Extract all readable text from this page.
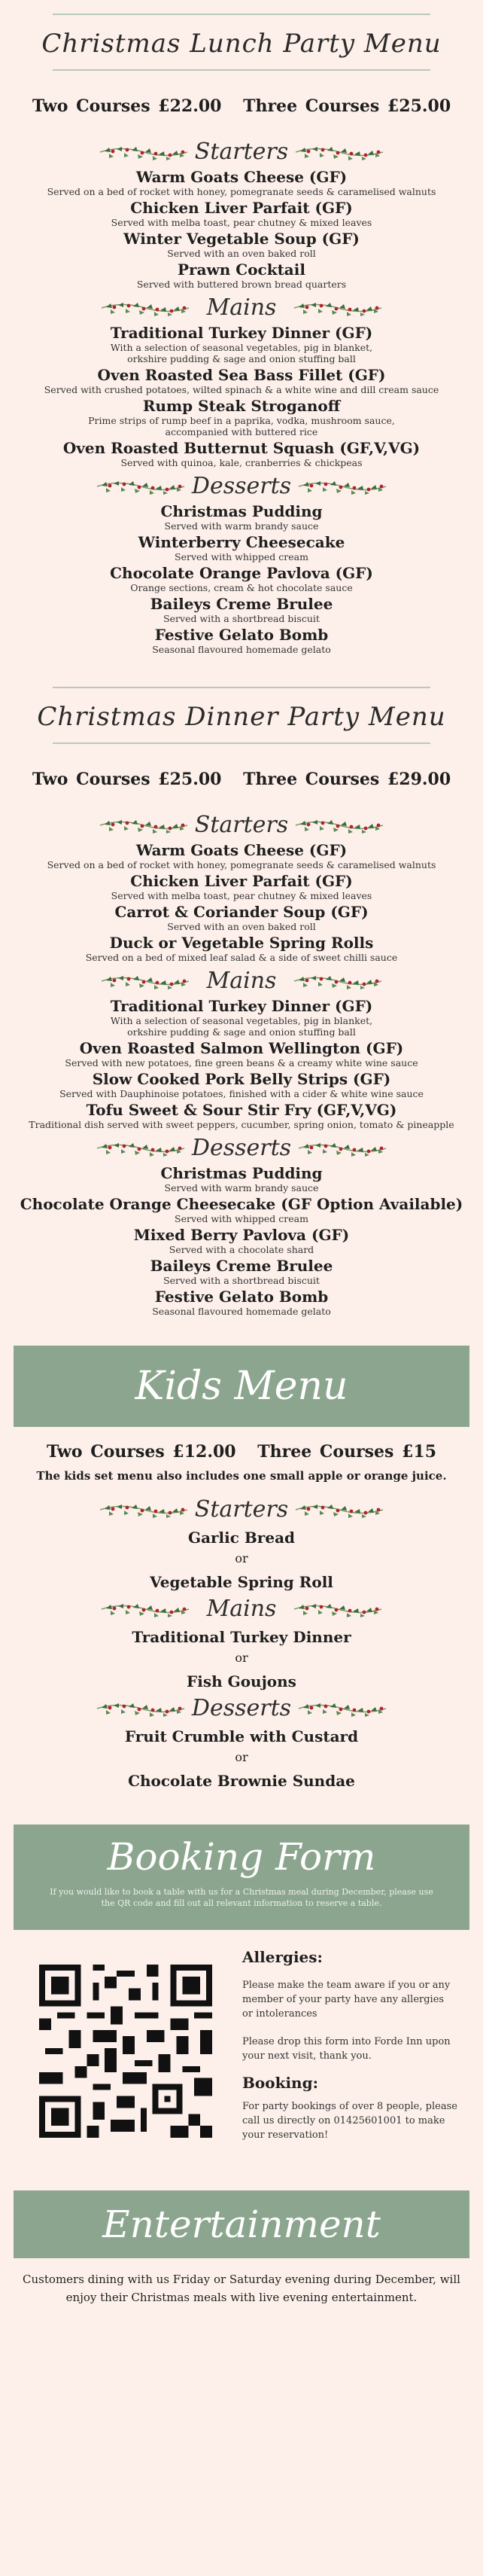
Christmas Lunch Party Menu
Two Courses £22.00 Three Courses £25.00
Starters
Warm Goats Cheese (GF)
Served on a bed of rocket with honey, pomegranate seeds & caramelised walnuts
Chicken Liver Parfait (GF)
Served with melba toast, pear chutney & mixed leaves
Winter Vegetable Soup (GF)
Served with an oven baked roll
Prawn Cocktail
Served with buttered brown bread quarters
Mains
Traditional Turkey Dinner (GF)
With a selection of seasonal vegetables, pig in blanket,
orkshire pudding & sage and onion stuffing ball
Oven Roasted Sea Bass Fillet (GF)
Served with crushed potatoes, wilted spinach & a white wine and dill cream sauce
Rump Steak Stroganoff
Prime strips of rump beef in a paprika, vodka, mushroom sauce,
accompanied with buttered rice
Oven Roasted Butternut Squash (GF,V,VG)
Served with quinoa, kale, cranberries & chickpeas
Desserts
Christmas Pudding
Served with warm brandy sauce
Winterberry Cheesecake
Served with whipped cream
Chocolate Orange Pavlova (GF)
Orange sections, cream & hot chocolate sauce
Baileys Creme Brulee
Served with a shortbread biscuit
Festive Gelato Bomb
Seasonal flavoured homemade gelato
Christmas Dinner Party Menu
Two Courses £25.00 Three Courses £29.00
Starters
Warm Goats Cheese (GF)
Served on a bed of rocket with honey, pomegranate seeds & caramelised walnuts
Chicken Liver Parfait (GF)
Served with melba toast, pear chutney & mixed leaves
Carrot & Coriander Soup (GF)
Served with an oven baked roll
Duck or Vegetable Spring Rolls
Served on a bed of mixed leaf salad & a side of sweet chilli sauce
Mains
Traditional Turkey Dinner (GF)
With a selection of seasonal vegetables, pig in blanket,
orkshire pudding & sage and onion stuffing ball
Oven Roasted Salmon Wellington (GF)
Served with new potatoes, fine green beans & a creamy white wine sauce
Slow Cooked Pork Belly Strips (GF)
Served with Dauphinoise potatoes, finished with a cider & white wine sauce
Tofu Sweet & Sour Stir Fry (GF,V,VG)
Traditional dish served with sweet peppers, cucumber, spring onion, tomato & pineapple
Desserts
Christmas Pudding
Served with warm brandy sauce
Chocolate Orange Cheesecake (GF Option Available)
Served with whipped cream
Mixed Berry Pavlova (GF)
Served with a chocolate shard
Baileys Creme Brulee
Served with a shortbread biscuit
Festive Gelato Bomb
Seasonal flavoured homemade gelato
Kids Menu
Two Courses £12.00 Three Courses £15
The kids set menu also includes one small apple or orange juice.
Starters
Garlic Bread
or
Vegetable Spring Roll
Mains
Traditional Turkey Dinner
or
Fish Goujons
Desserts
Fruit Crumble with Custard
or
Chocolate Brownie Sundae
Booking Form
If you would like to book a table with us for a Christmas meal during December, please use the QR code and fill out all relevant information to reserve a table.
Allergies:

Please make the team aware if you or any member of your party have any allergies or intolerances

Please drop this form into Forde Inn upon your next visit, thank you.

Booking:

For party bookings of over 8 people, please call us directly on 01425601001 to make your reservation!

Entertainment
Customers dining with us Friday or Saturday evening during December, will enjoy their Christmas meals with live evening entertainment.
